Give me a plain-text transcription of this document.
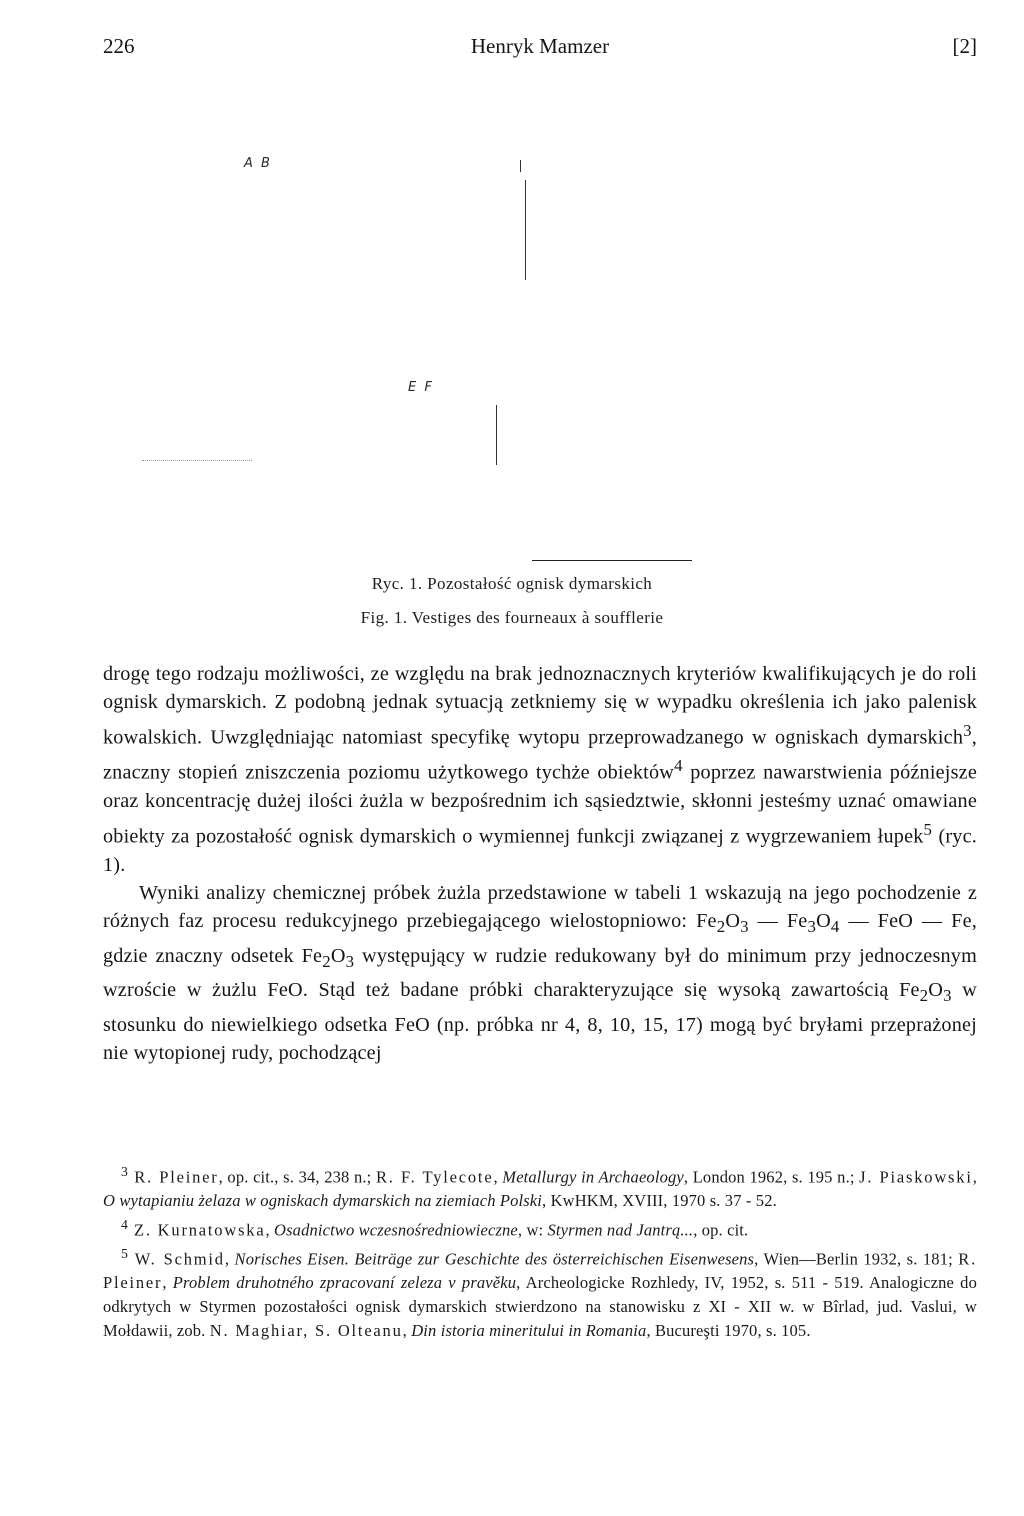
226	Henryk Mamzer	[2]
A B
E F
Ryc. 1. Pozostałość ognisk dymarskich
Fig. 1. Vestiges des fourneaux à soufflerie

drogę tego rodzaju możliwości, ze względu na brak jednoznacznych kryteriów kwalifikujących je do roli ognisk dymarskich. Z podobną jednak sytuacją zetkniemy się w wypadku określenia ich jako palenisk kowalskich. Uwzględniając natomiast specyfikę wytopu przeprowadzanego w ogniskach dymarskich$^3$, znaczny stopień zniszczenia poziomu użytkowego tychże obiektów$^4$ poprzez nawarstwienia późniejsze oraz koncentrację dużej ilości żużla w bezpośrednim ich sąsiedztwie, skłonni jesteśmy uznać omawiane obiekty za pozostałość ognisk dymarskich o wymiennej funkcji związanej z wygrzewaniem łupek$^5$ (ryc. 1).

Wyniki analizy chemicznej próbek żużla przedstawione w tabeli 1 wskazują na jego pochodzenie z różnych faz procesu redukcyjnego przebiegającego wielostopniowo: $Fe_2O_3$ — $Fe_3O_4$ — FeO — Fe, gdzie znaczny odsetek $Fe_2O_3$ występujący w rudzie redukowany był do minimum przy jednoczesnym wzroście w żużlu FeO. Stąd też badane próbki charakteryzujące się wysoką zawartością $Fe_2O_3$ w stosunku do niewielkiego odsetka FeO (np. próbka nr 4, 8, 10, 15, 17) mogą być bryłami przeprażonej nie wytopionej rudy, pochodzącej

$^3$ R. Pleiner, op. cit., s. 34, 238 n.; R. F. Tylecote, Metallurgy in Archaeology, London 1962, s. 195 n.; J. Piaskowski, O wytapianiu żelaza w ogniskach dymarskich na ziemiach Polski, KwHKM, XVIII, 1970 s. 37 - 52.

$^4$ Z. Kurnatowska, Osadnictwo wczesnośredniowieczne, w: Styrmen nad Jantrą..., op. cit.

$^5$ W. Schmid, Norisches Eisen. Beiträge zur Geschichte des österreichischen Eisenwesens, Wien—Berlin 1932, s. 181; R. Pleiner, Problem druhotného zpracovaní zeleza v pravěku, Archeologicke Rozhledy, IV, 1952, s. 511 - 519. Analogiczne do odkrytych w Styrmen pozostałości ognisk dymarskich stwierdzono na stanowisku z XI - XII w. w Bîrlad, jud. Vaslui, w Mołdawii, zob. N. Maghiar, S. Olteanu, Din istoria mineritului in Romania, Bucureşti 1970, s. 105.
